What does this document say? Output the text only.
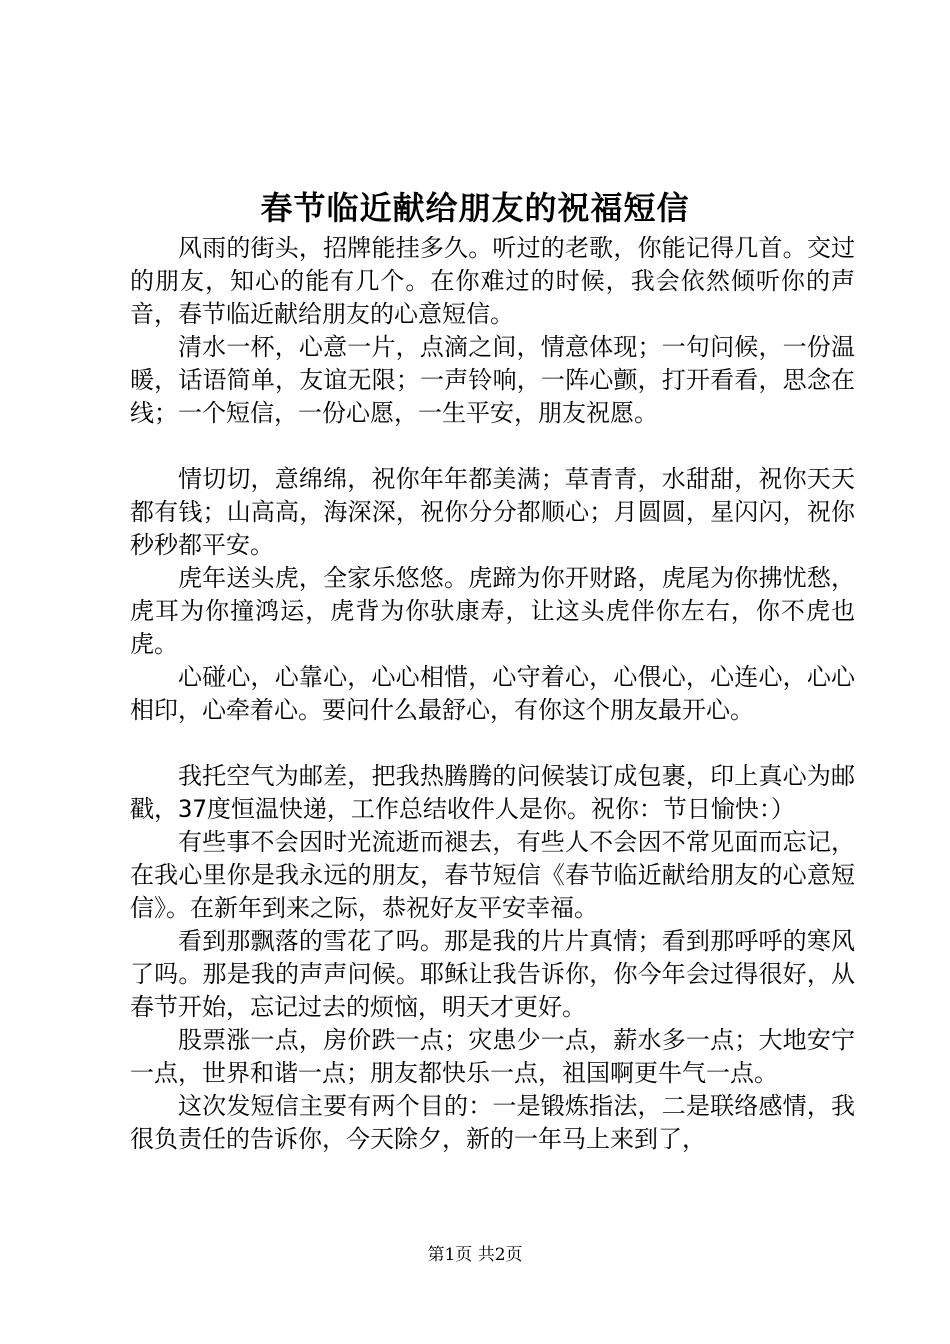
春节临近献给朋友的祝福短信

风雨的街头，招牌能挂多久。听过的老歌，你能记得几首。交过的朋友，知心的能有几个。在你难过的时候，我会依然倾听你的声音，春节临近献给朋友的心意短信。

清水一杯，心意一片，点滴之间，情意体现；一句问候，一份温暖，话语简单，友谊无限；一声铃响，一阵心颤，打开看看，思念在线；一个短信，一份心愿，一生平安，朋友祝愿。

情切切，意绵绵，祝你年年都美满；草青青，水甜甜，祝你天天都有钱；山高高，海深深，祝你分分都顺心；月圆圆，星闪闪，祝你秒秒都平安。

虎年送头虎，全家乐悠悠。虎蹄为你开财路，虎尾为你拂忧愁，虎耳为你撞鸿运，虎背为你驮康寿，让这头虎伴你左右，你不虎也虎。

心碰心，心靠心，心心相惜，心守着心，心偎心，心连心，心心相印，心牵着心。要问什么最舒心，有你这个朋友最开心。

我托空气为邮差，把我热腾腾的问候装订成包裹，印上真心为邮戳，37度恒温快递，工作总结收件人是你。祝你：节日愉快：）

有些事不会因时光流逝而褪去，有些人不会因不常见面而忘记，在我心里你是我永远的朋友，春节短信《春节临近献给朋友的心意短信》。在新年到来之际，恭祝好友平安幸福。

看到那飘落的雪花了吗。那是我的片片真情；看到那呼呼的寒风了吗。那是我的声声问候。耶稣让我告诉你，你今年会过得很好，从春节开始，忘记过去的烦恼，明天才更好。

股票涨一点，房价跌一点；灾患少一点，薪水多一点；大地安宁一点，世界和谐一点；朋友都快乐一点，祖国啊更牛气一点。

这次发短信主要有两个目的：一是锻炼指法，二是联络感情，我很负责任的告诉你，今天除夕，新的一年马上来到了，

第1页 共2页
